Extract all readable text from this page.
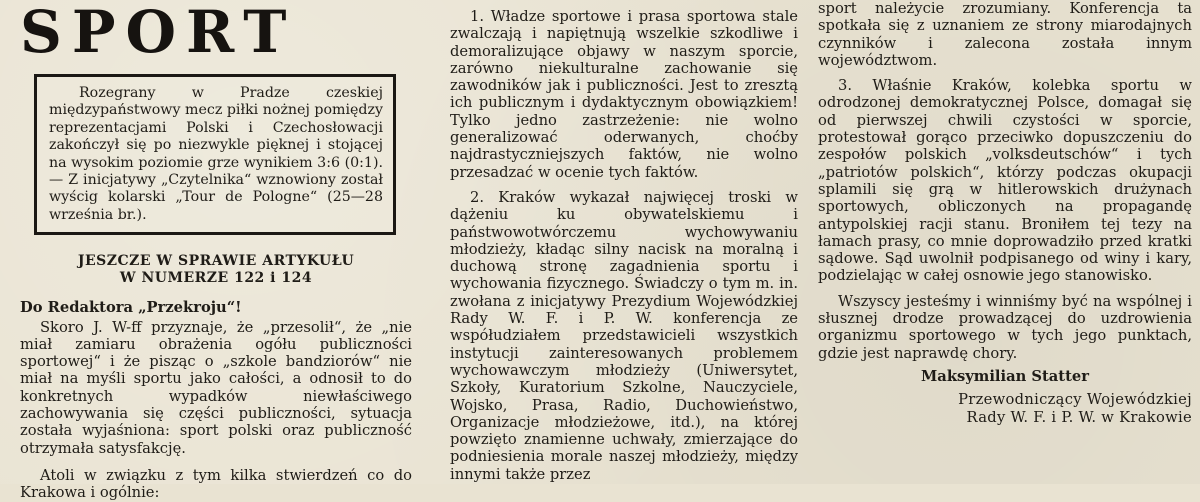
SPORT
Rozegrany w Pradze czeskiej międzypaństwowy mecz piłki nożnej pomiędzy reprezentacjami Polski i Czechosłowacji zakończył się po niezwykle pięknej i stojącej na wysokim poziomie grze wynikiem 3:6 (0:1). — Z inicjatywy „Czytelnika“ wznowiony został wyścig kolarski „Tour de Pologne“ (25—28 września br.).
JESZCZE W SPRAWIE ARTYKUŁU
W NUMERZE 122 i 124
Do Redaktora „Przekroju“!

Skoro J. W-ff przyznaje, że „przesolił“, że „nie miał zamiaru obrażenia ogółu publiczności sportowej“ i że pisząc o „szkole bandziorów“ nie miał na myśli sportu jako całości, a odnosił to do konkretnych wypadków niewłaściwego zachowywania się części publiczności, sytuacja została wyjaśniona: sport polski oraz publiczność otrzymała satysfakcję.

Atoli w związku z tym kilka stwierdzeń co do Krakowa i ogólnie:

1. Władze sportowe i prasa sportowa stale zwalczają i napiętnują wszelkie szkodliwe i demoralizujące objawy w naszym sporcie, zarówno niekulturalne zachowanie się zawodników jak i publiczności. Jest to zresztą ich publicznym i dydaktycznym obowiązkiem! Tylko jedno zastrzeżenie: nie wolno generalizować oderwanych, choćby najdrastyczniejszych faktów, nie wolno przesadzać w ocenie tych faktów.

2. Kraków wykazał najwięcej troski w dążeniu ku obywatelskiemu i państwowotwórczemu wychowywaniu młodzieży, kładąc silny nacisk na moralną i duchową stronę zagadnienia sportu i wychowania fizycznego. Świadczy o tym m. in. zwołana z inicjatywy Prezydium Wojewódzkiej Rady W. F. i P. W. konferencja ze współudziałem przedstawicieli wszystkich instytucji zainteresowanych problemem wychowawczym młodzieży (Uniwersytet, Szkoły, Kuratorium Szkolne, Nauczyciele, Wojsko, Prasa, Radio, Duchowieństwo, Organizacje młodzieżowe, itd.), na której powzięto znamienne uchwały, zmierzające do podniesienia morale naszej młodzieży, między innymi także przez

sport należycie zrozumiany. Konferencja ta spotkała się z uznaniem ze strony miarodajnych czynników i zalecona została innym województwom.

3. Właśnie Kraków, kolebka sportu w odrodzonej demokratycznej Polsce, domagał się od pierwszej chwili czystości w sporcie, protestował gorąco przeciwko dopuszczeniu do zespołów polskich „volksdeutschów“ i tych „patriotów polskich“, którzy podczas okupacji splamili się grą w hitlerowskich drużynach sportowych, obliczonych na propagandę antypolskiej racji stanu. Broniłem tej tezy na łamach prasy, co mnie doprowadziło przed kratki sądowe. Sąd uwolnił podpisanego od winy i kary, podzielając w całej osnowie jego stanowisko.

Wszyscy jesteśmy i winniśmy być na wspólnej i słusznej drodze prowadzącej do uzdrowienia organizmu sportowego w tych jego punktach, gdzie jest naprawdę chory.

Maksymilian Statter
Przewodniczący Wojewódzkiej
Rady W. F. i P. W. w Krakowie
